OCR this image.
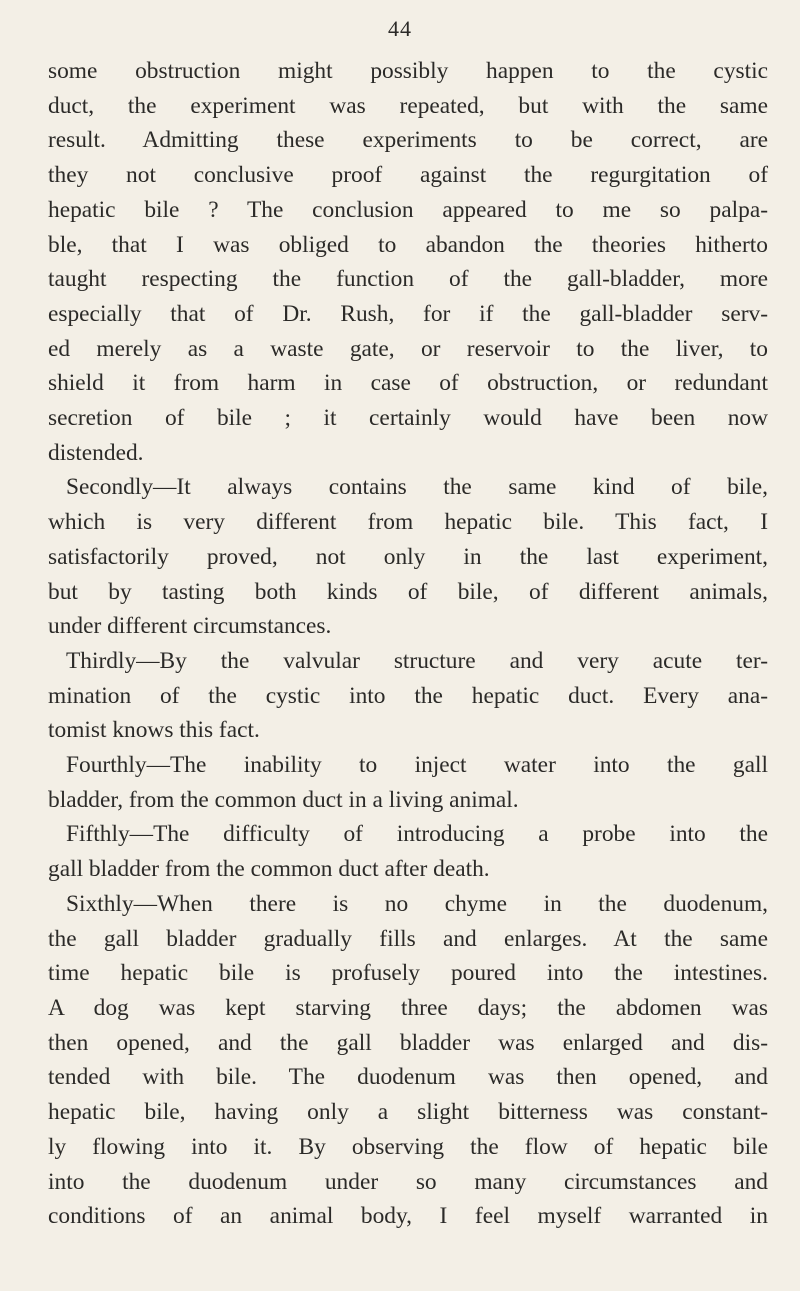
44
some obstruction might possibly happen to the cystic
duct, the experiment was repeated, but with the same
result. Admitting these experiments to be correct, are
they not conclusive proof against the regurgitation of
hepatic bile ? The conclusion appeared to me so palpa-
ble, that I was obliged to abandon the theories hitherto
taught respecting the function of the gall-bladder, more
especially that of Dr. Rush, for if the gall-bladder serv-
ed merely as a waste gate, or reservoir to the liver, to
shield it from harm in case of obstruction, or redundant
secretion of bile ; it certainly would have been now
distended.
Secondly—It always contains the same kind of bile,
which is very different from hepatic bile. This fact, I
satisfactorily proved, not only in the last experiment,
but by tasting both kinds of bile, of different animals,
under different circumstances.
Thirdly—By the valvular structure and very acute ter-
mination of the cystic into the hepatic duct. Every ana-
tomist knows this fact.
Fourthly—The inability to inject water into the gall
bladder, from the common duct in a living animal.
Fifthly—The difficulty of introducing a probe into the
gall bladder from the common duct after death.
Sixthly—When there is no chyme in the duodenum,
the gall bladder gradually fills and enlarges. At the same
time hepatic bile is profusely poured into the intestines.
A dog was kept starving three days; the abdomen was
then opened, and the gall bladder was enlarged and dis-
tended with bile. The duodenum was then opened, and
hepatic bile, having only a slight bitterness was constant-
ly flowing into it. By observing the flow of hepatic bile
into the duodenum under so many circumstances and
conditions of an animal body, I feel myself warranted in
